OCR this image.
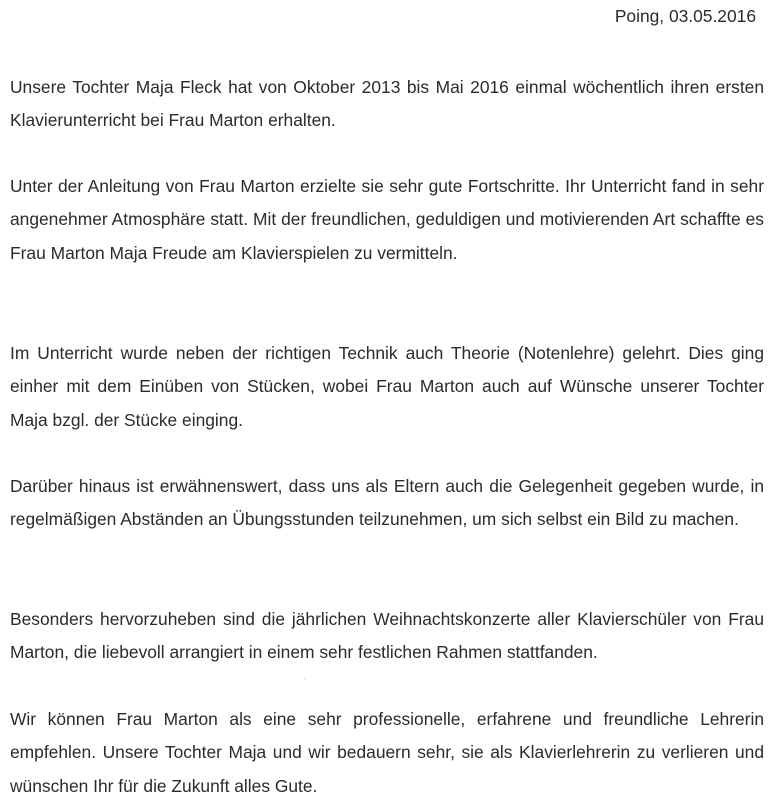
Poing, 03.05.2016

Unsere Tochter Maja Fleck hat von Oktober 2013 bis Mai 2016 einmal wöchentlich ihren ersten Klavierunterricht bei Frau Marton erhalten.

Unter der Anleitung von Frau Marton erzielte sie sehr gute Fortschritte. Ihr Unterricht fand in sehr angenehmer Atmosphäre statt. Mit der freundlichen, geduldigen und motivierenden Art schaffte es Frau Marton Maja Freude am Klavierspielen zu vermitteln.

Im Unterricht wurde neben der richtigen Technik auch Theorie (Notenlehre) gelehrt. Dies ging einher mit dem Einüben von Stücken, wobei Frau Marton auch auf Wünsche unserer Tochter Maja bzgl. der Stücke einging.

Darüber hinaus ist erwähnenswert, dass uns als Eltern auch die Gelegenheit gegeben wurde, in regelmäßigen Abständen an Übungsstunden teilzunehmen, um sich selbst ein Bild zu machen.

Besonders hervorzuheben sind die jährlichen Weihnachtskonzerte aller Klavierschüler von Frau Marton, die liebevoll arrangiert in einem sehr festlichen Rahmen stattfanden.

Wir können Frau Marton als eine sehr professionelle, erfahrene und freundliche Lehrerin empfehlen. Unsere Tochter Maja und wir bedauern sehr, sie als Klavierlehrerin zu verlieren und wünschen Ihr für die Zukunft alles Gute.

·
